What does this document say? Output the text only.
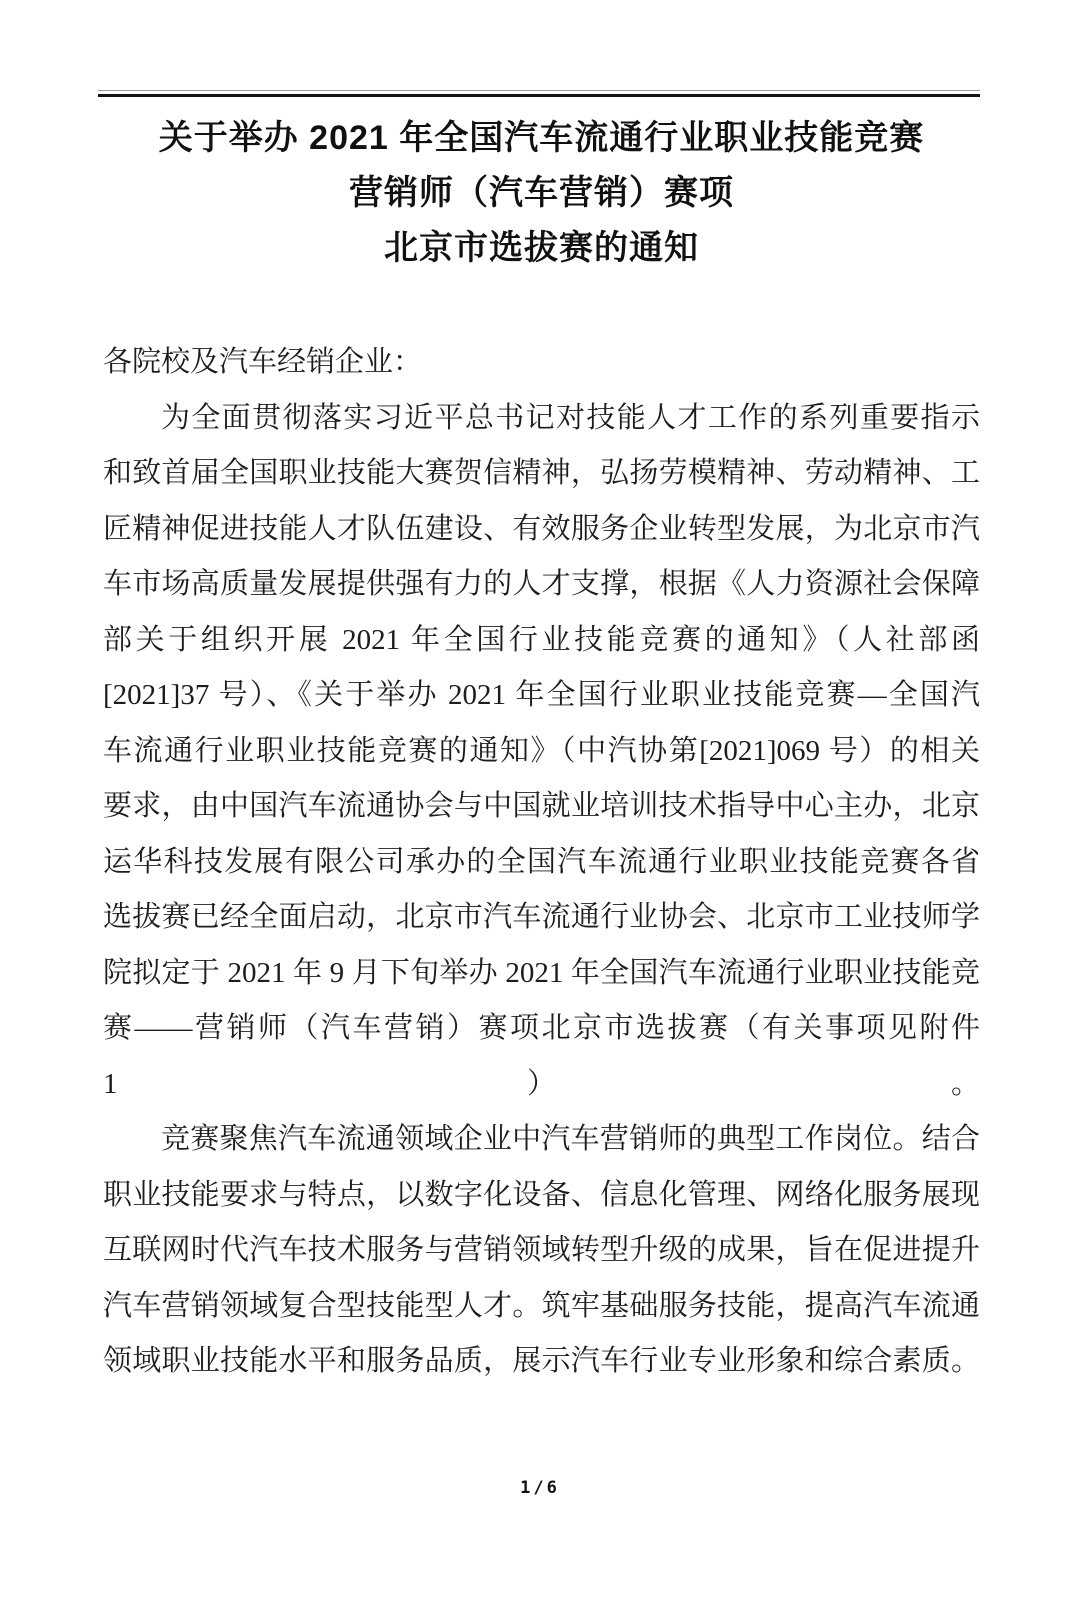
关于举办 2021 年全国汽车流通行业职业技能竞赛
营销师（汽车营销）赛项
北京市选拔赛的通知
各院校及汽车经销企业：
为全面贯彻落实习近平总书记对技能人才工作的系列重要指示
和致首届全国职业技能大赛贺信精神，弘扬劳模精神、劳动精神、工
匠精神促进技能人才队伍建设、有效服务企业转型发展，为北京市汽
车市场高质量发展提供强有力的人才支撑，根据《人力资源社会保障
部关于组织开展 2021 年全国行业技能竞赛的通知》（人社部函
[2021]37 号）、《关于举办 2021 年全国行业职业技能竞赛—全国汽
车流通行业职业技能竞赛的通知》（中汽协第[2021]069 号）的相关
要求，由中国汽车流通协会与中国就业培训技术指导中心主办，北京
运华科技发展有限公司承办的全国汽车流通行业职业技能竞赛各省
选拔赛已经全面启动，北京市汽车流通行业协会、北京市工业技师学
院拟定于 2021 年 9 月下旬举办 2021 年全国汽车流通行业职业技能竞
赛——营销师（汽车营销）赛项北京市选拔赛（有关事项见附件 1）。
竞赛聚焦汽车流通领域企业中汽车营销师的典型工作岗位。结合
职业技能要求与特点，以数字化设备、信息化管理、网络化服务展现
互联网时代汽车技术服务与营销领域转型升级的成果，旨在促进提升
汽车营销领域复合型技能型人才。筑牢基础服务技能，提高汽车流通
领域职业技能水平和服务品质，展示汽车行业专业形象和综合素质。
1/6
